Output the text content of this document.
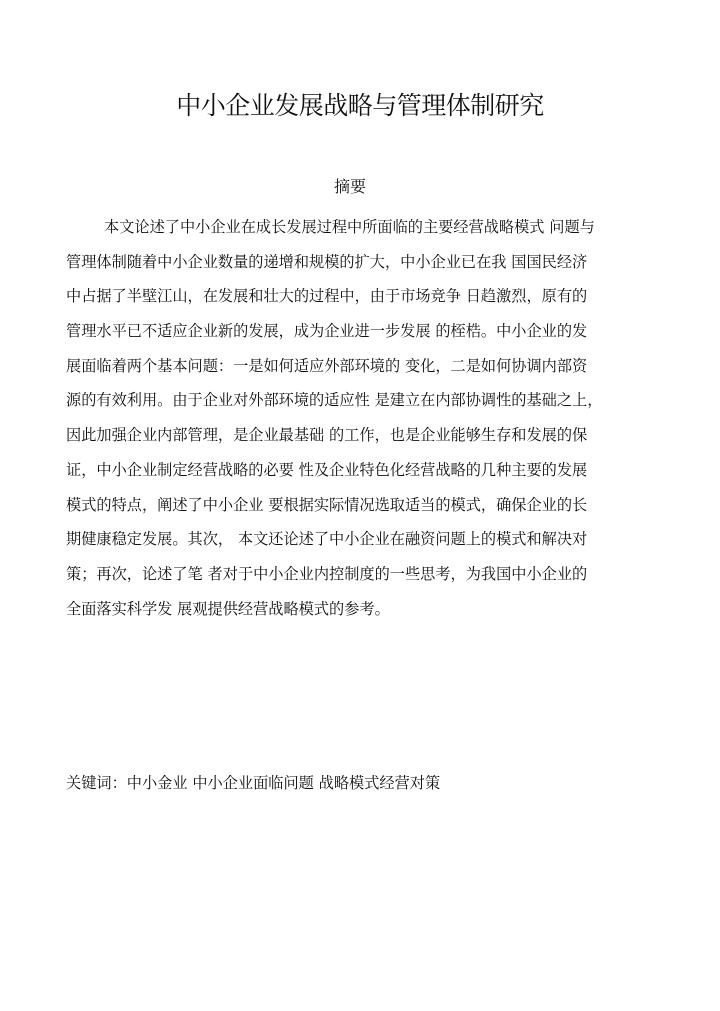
中小企业发展战略与管理体制研究
摘要
本文论述了中小企业在成长发展过程中所面临的主要经营战略模式 问题与
管理体制随着中小企业数量的递增和规模的扩大，中小企业已在我 国国民经济
中占据了半壁江山，在发展和壮大的过程中，由于市场竞争 日趋激烈，原有的
管理水平已不适应企业新的发展，成为企业进一步发展 的桎梏。中小企业的发
展面临着两个基本问题：一是如何适应外部环境的 变化，二是如何协调内部资
源的有效利用。由于企业对外部环境的适应性 是建立在内部协调性的基础之上，
因此加强企业内部管理，是企业最基础 的工作，也是企业能够生存和发展的保
证，中小企业制定经营战略的必要 性及企业特色化经营战略的几种主要的发展
模式的特点，阐述了中小企业 要根据实际情况选取适当的模式，确保企业的长
期健康稳定发展。其次， 本文还论述了中小企业在融资问题上的模式和解决对
策；再次，论述了笔 者对于中小企业内控制度的一些思考，为我国中小企业的
全面落实科学发 展观提供经营战略模式的参考。
关键词：中小金业 中小企业面临问题 战略模式经营对策
